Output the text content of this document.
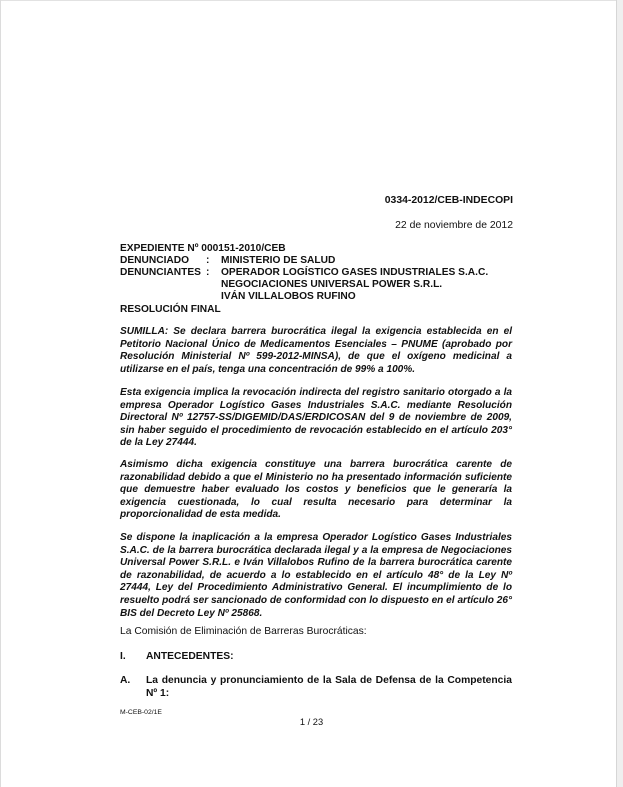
0334-2012/CEB-INDECOPI
22 de noviembre de 2012
EXPEDIENTE Nº 000151-2010/CEB
DENUNCIADO : MINISTERIO DE SALUD
DENUNCIANTES : OPERADOR LOGÍSTICO GASES INDUSTRIALES S.A.C.
NEGOCIACIONES UNIVERSAL POWER S.R.L.
IVÁN VILLALOBOS RUFINO
RESOLUCIÓN FINAL

SUMILLA: Se declara barrera burocrática ilegal la exigencia establecida en el Petitorio Nacional Único de Medicamentos Esenciales – PNUME (aprobado por Resolución Ministerial Nº 599-2012-MINSA), de que el oxígeno medicinal a utilizarse en el país, tenga una concentración de 99% a 100%.

Esta exigencia implica la revocación indirecta del registro sanitario otorgado a la empresa Operador Logístico Gases Industriales S.A.C. mediante Resolución Directoral Nº 12757-SS/DIGEMID/DAS/ERDICOSAN del 9 de noviembre de 2009, sin haber seguido el procedimiento de revocación establecido en el artículo 203° de la Ley 27444.

Asimismo dicha exigencia constituye una barrera burocrática carente de razonabilidad debido a que el Ministerio no ha presentado información suficiente que demuestre haber evaluado los costos y beneficios que le generaría la exigencia cuestionada, lo cual resulta necesario para determinar la proporcionalidad de esta medida.

Se dispone la inaplicación a la empresa Operador Logístico Gases Industriales S.A.C. de la barrera burocrática declarada ilegal y a la empresa de Negociaciones Universal Power S.R.L. e Iván Villalobos Rufino de la barrera burocrática carente de razonabilidad, de acuerdo a lo establecido en el artículo 48° de la Ley Nº 27444, Ley del Procedimiento Administrativo General. El incumplimiento de lo resuelto podrá ser sancionado de conformidad con lo dispuesto en el artículo 26° BIS del Decreto Ley Nº 25868.

La Comisión de Eliminación de Barreras Burocráticas:

I. ANTECEDENTES:
A. La denuncia y pronunciamiento de la Sala de Defensa de la Competencia Nº 1:
M-CEB-02/1E
1 / 23
